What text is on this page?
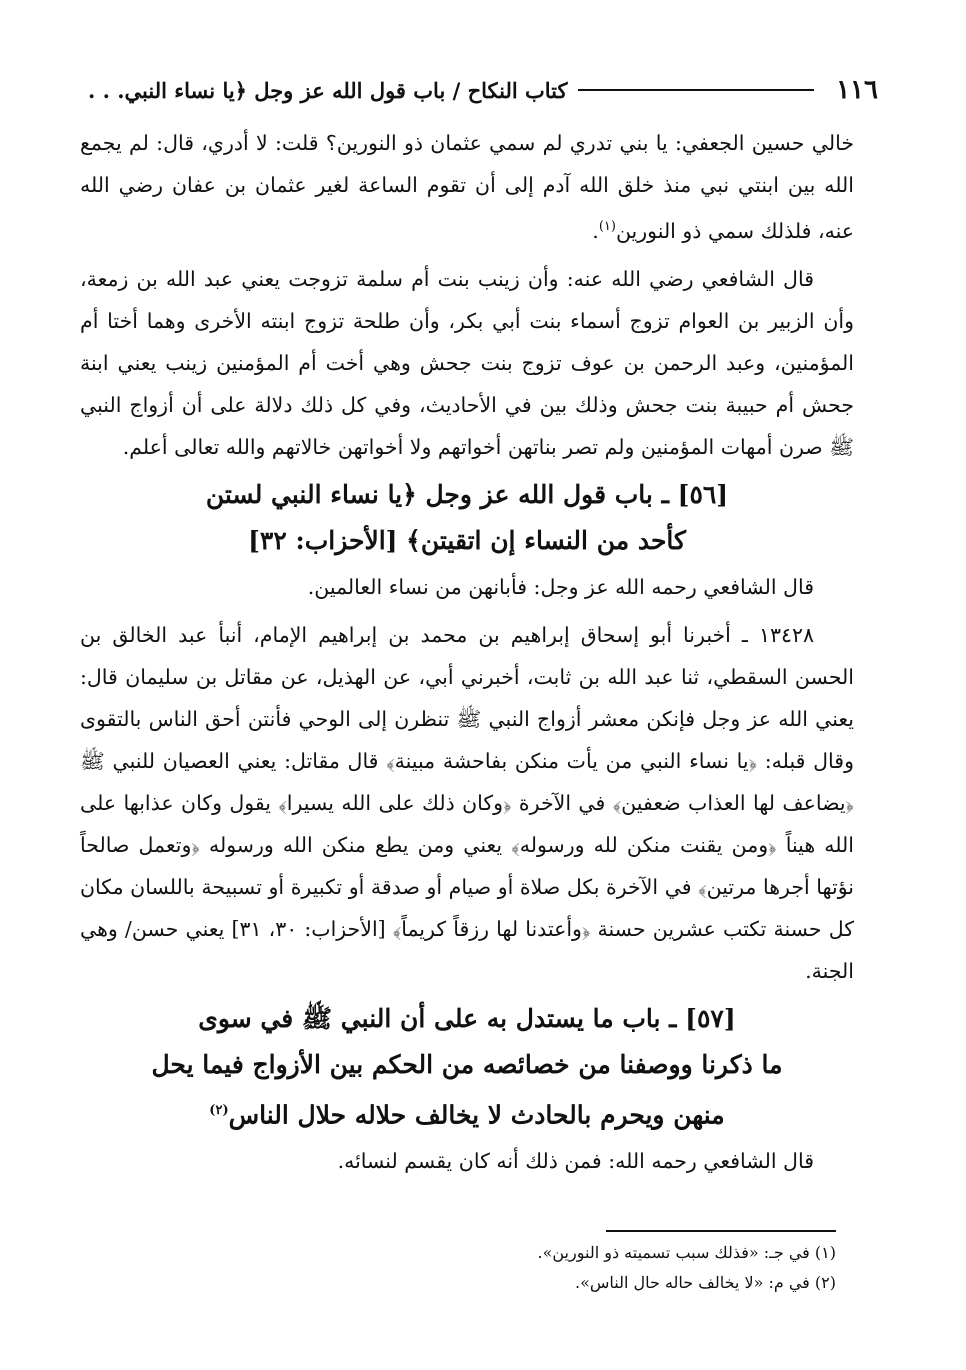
١١٦
كتاب النكاح / باب قول الله عز وجل ﴿يا نساء النبي. . .

خالي حسين الجعفي: يا بني تدري لم سمي عثمان ذو النورين؟ قلت: لا أدري، قال: لم يجمع الله بين ابنتي نبي منذ خلق الله آدم إلى أن تقوم الساعة لغير عثمان بن عفان رضي الله عنه، فلذلك سمي ذو النورين$^{(١)}$.

قال الشافعي رضي الله عنه: وأن زينب بنت أم سلمة تزوجت يعني عبد الله بن زمعة، وأن الزبير بن العوام تزوج أسماء بنت أبي بكر، وأن طلحة تزوج ابنته الأخرى وهما أختا أم المؤمنين، وعبد الرحمن بن عوف تزوج بنت جحش وهي أخت أم المؤمنين زينب يعني ابنة جحش أم حبيبة بنت جحش وذلك بين في الأحاديث، وفي كل ذلك دلالة على أن أزواج النبي ﷺ صرن أمهات المؤمنين ولم تصر بناتهن أخواتهم ولا أخواتهن خالاتهم والله تعالى أعلم.

[٥٦] ـ باب قول الله عز وجل ﴿يا نساء النبي لستن
كأحد من النساء إن اتقيتن﴾ [الأحزاب: ٣٢]

قال الشافعي رحمه الله عز وجل: فأبانهن من نساء العالمين.

١٣٤٢٨ ـ أخبرنا أبو إسحاق إبراهيم بن محمد بن إبراهيم الإمام، أنبأ عبد الخالق بن الحسن السقطي، ثنا عبد الله بن ثابت، أخبرني أبي، عن الهذيل، عن مقاتل بن سليمان قال: يعني الله عز وجل فإنكن معشر أزواج النبي ﷺ تنظرن إلى الوحي فأنتن أحق الناس بالتقوى وقال قبله: ﴿يا نساء النبي من يأت منكن بفاحشة مبينة﴾ قال مقاتل: يعني العصيان للنبي ﷺ ﴿يضاعف لها العذاب ضعفين﴾ في الآخرة ﴿وكان ذلك على الله يسيرا﴾ يقول وكان عذابها على الله هيناً ﴿ومن يقنت منكن لله ورسوله﴾ يعني ومن يطع منكن الله ورسوله ﴿وتعمل صالحاً نؤتها أجرها مرتين﴾ في الآخرة بكل صلاة أو صيام أو صدقة أو تكبيرة أو تسبيحة باللسان مكان كل حسنة تكتب عشرين حسنة ﴿وأعتدنا لها رزقاً كريماً﴾ [الأحزاب: ٣٠، ٣١] يعني حسن/ وهي الجنة.

[٥٧] ـ باب ما يستدل به على أن النبي ﷺ في سوى
ما ذكرنا ووصفنا من خصائصه من الحكم بين الأزواج فيما يحل
منهن ويحرم بالحادث لا يخالف حلاله حلال الناس$^{(٢)}$

قال الشافعي رحمه الله: فمن ذلك أنه كان يقسم لنسائه.

(١) في جـ: «فذلك سبب تسميته ذو النورين».
(٢) في م: «لا يخالف حاله حال الناس».
